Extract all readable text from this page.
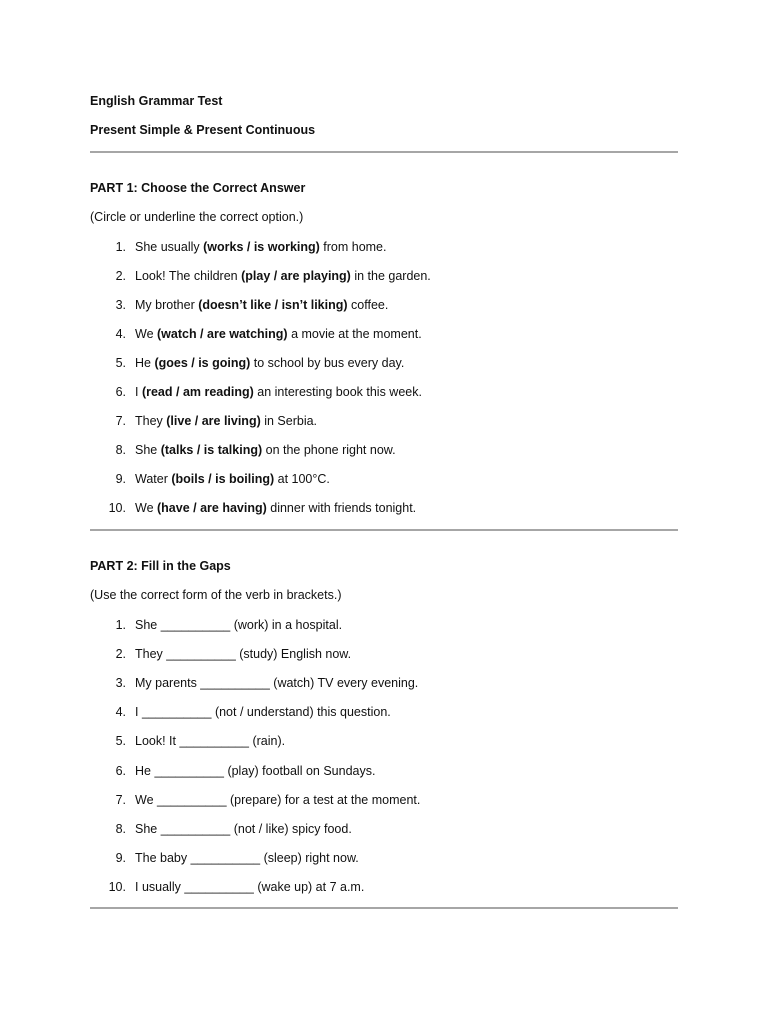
English Grammar Test
Present Simple & Present Continuous
PART 1: Choose the Correct Answer
(Circle or underline the correct option.)
1. She usually (works / is working) from home.
2. Look! The children (play / are playing) in the garden.
3. My brother (doesn’t like / isn’t liking) coffee.
4. We (watch / are watching) a movie at the moment.
5. He (goes / is going) to school by bus every day.
6. I (read / am reading) an interesting book this week.
7. They (live / are living) in Serbia.
8. She (talks / is talking) on the phone right now.
9. Water (boils / is boiling) at 100°C.
10. We (have / are having) dinner with friends tonight.
PART 2: Fill in the Gaps
(Use the correct form of the verb in brackets.)
1. She __________ (work) in a hospital.
2. They __________ (study) English now.
3. My parents __________ (watch) TV every evening.
4. I __________ (not / understand) this question.
5. Look! It __________ (rain).
6. He __________ (play) football on Sundays.
7. We __________ (prepare) for a test at the moment.
8. She __________ (not / like) spicy food.
9. The baby __________ (sleep) right now.
10. I usually __________ (wake up) at 7 a.m.
